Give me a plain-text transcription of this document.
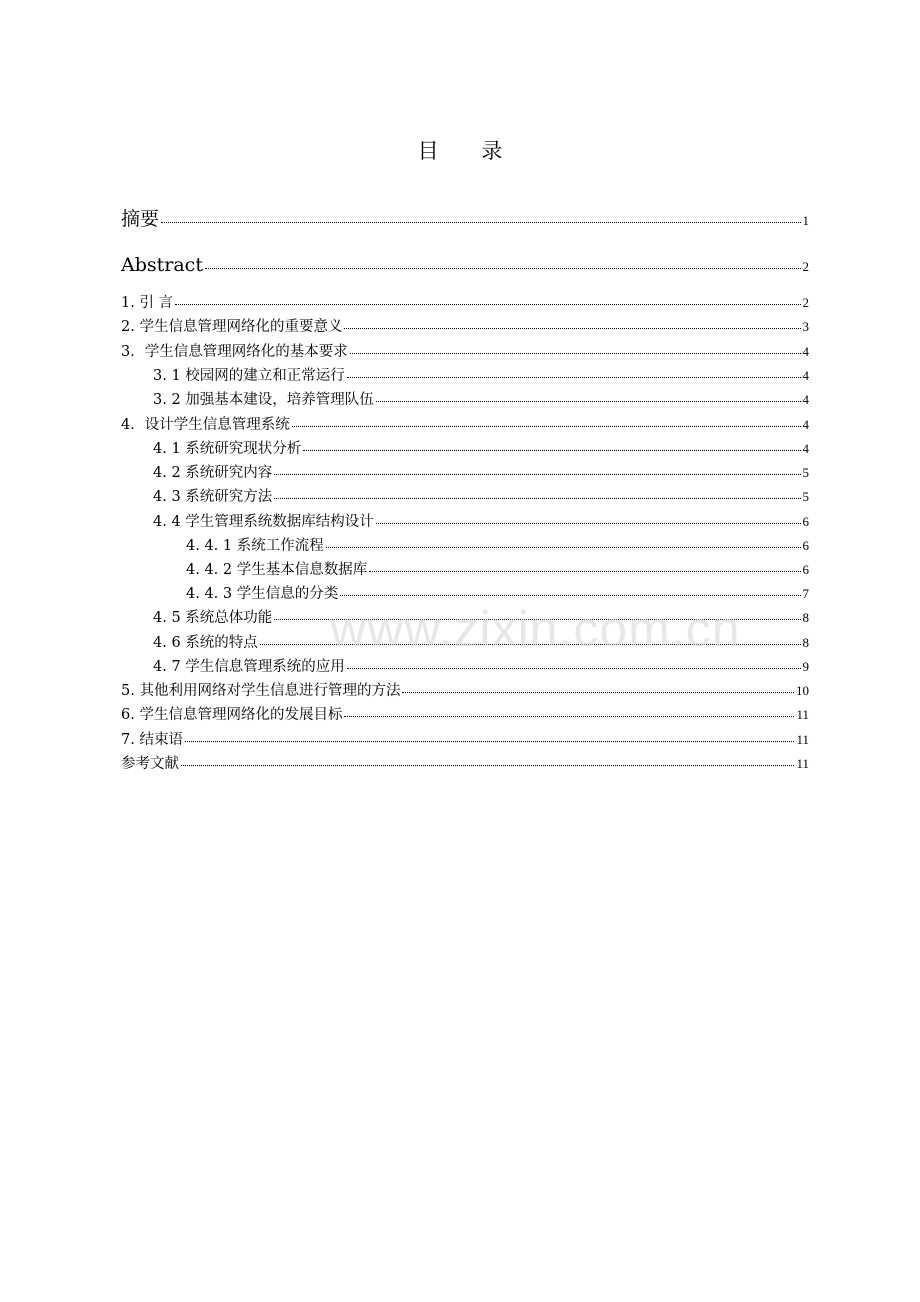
目 录
摘要	1
Abstract	2
1. 引 言	2
2. 学生信息管理网络化的重要意义	3
3．学生信息管理网络化的基本要求	4
3. 1 校园网的建立和正常运行	4
3. 2 加强基本建设，培养管理队伍	4
4．设计学生信息管理系统	4
4. 1 系统研究现状分析	4
4. 2 系统研究内容	5
4. 3 系统研究方法	5
4. 4 学生管理系统数据库结构设计	6
4. 4. 1 系统工作流程	6
4. 4. 2 学生基本信息数据库	6
4. 4. 3 学生信息的分类	7
4. 5 系统总体功能	8
4. 6 系统的特点	8
4. 7 学生信息管理系统的应用	9
5. 其他利用网络对学生信息进行管理的方法	10
6. 学生信息管理网络化的发展目标	11
7. 结束语	11
参考文献	11
www.zixin.com.cn
